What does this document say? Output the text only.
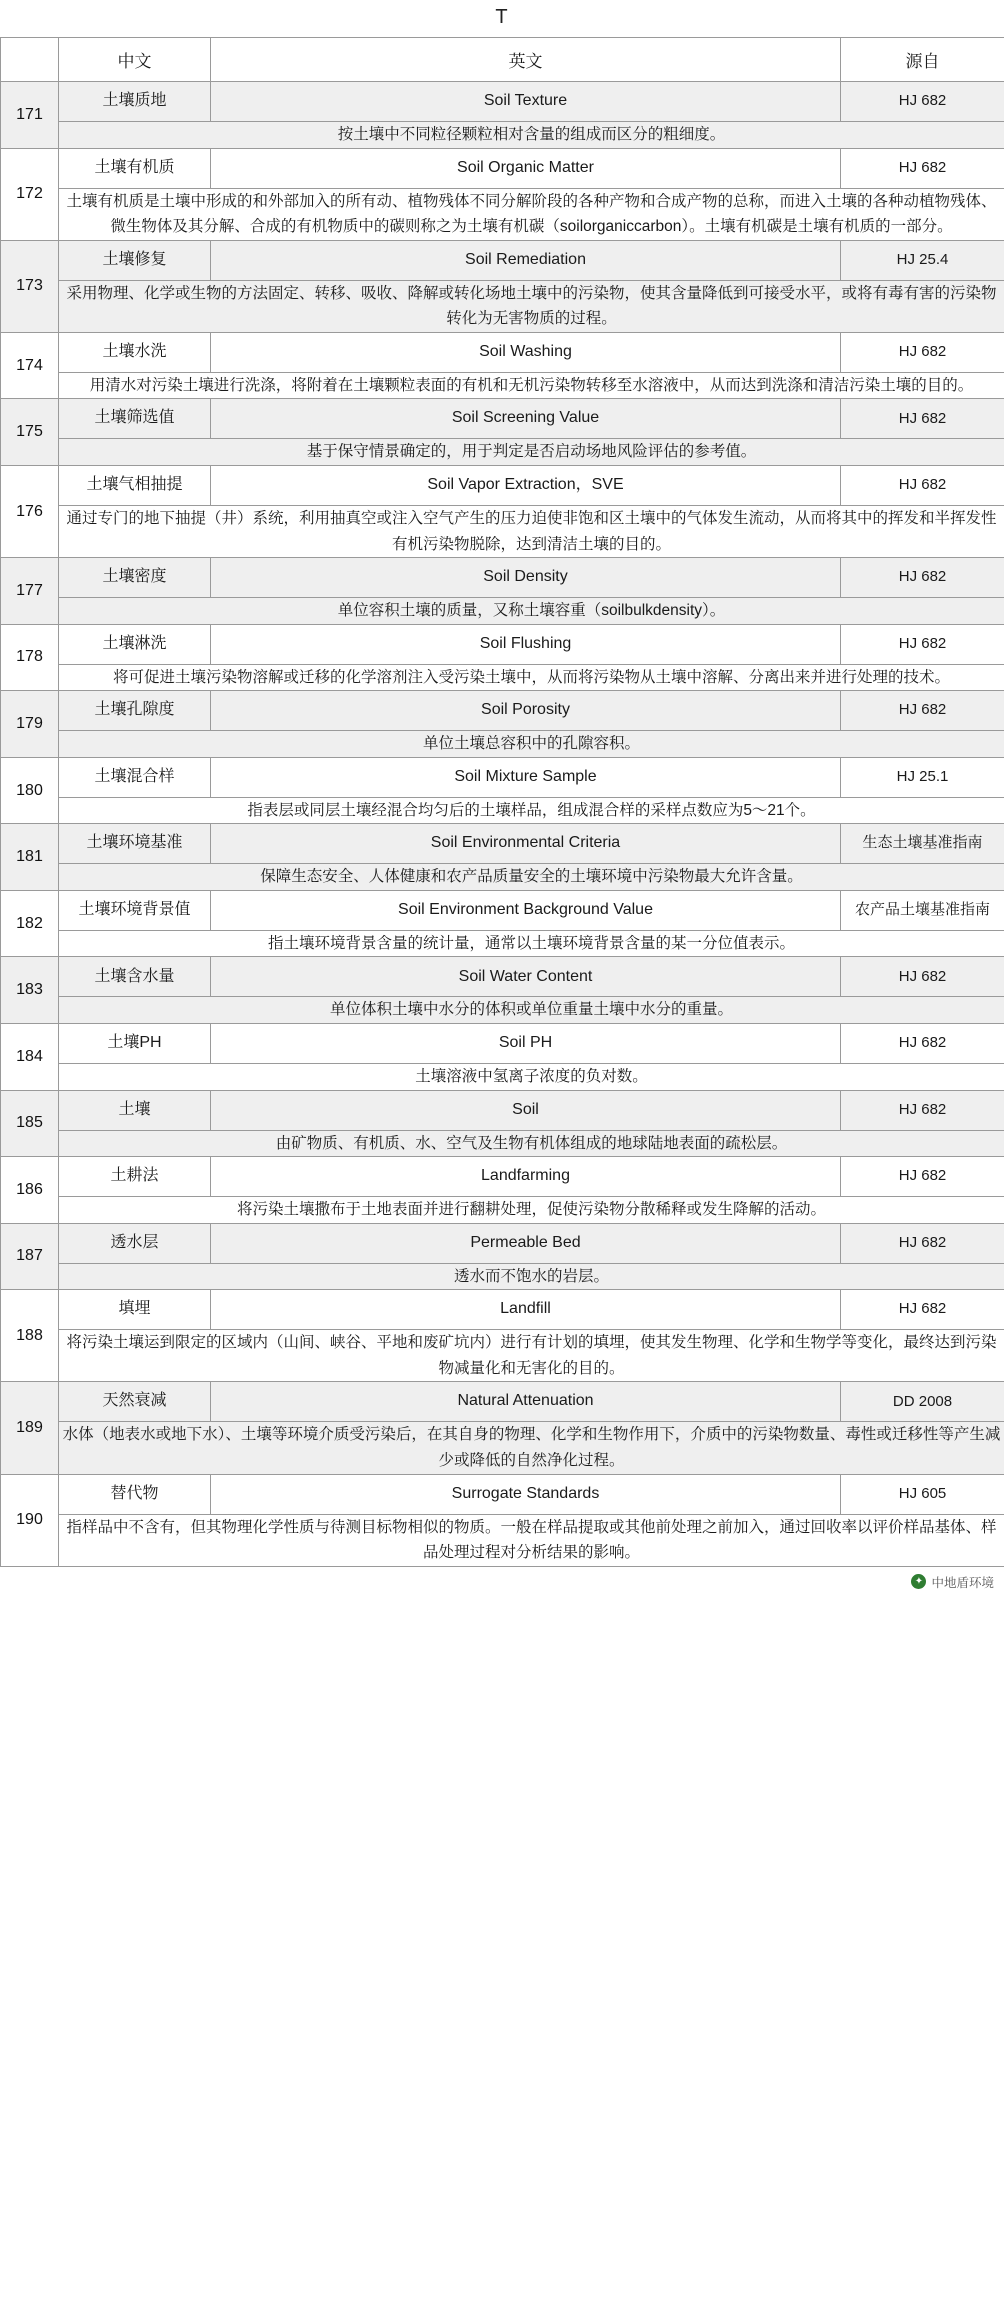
T
	中文	英文	源自
171	土壤质地	Soil Texture	HJ 682
	按土壤中不同粒径颗粒相对含量的组成而区分的粗细度。		
172	土壤有机质	Soil Organic Matter	HJ 682
	土壤有机质是土壤中形成的和外部加入的所有动、植物残体不同分解阶段的各种产物和合成产物的总称，而进入土壤的各种动植物残体、微生物体及其分解、合成的有机物质中的碳则称之为土壤有机碳（soilorganiccarbon）。土壤有机碳是土壤有机质的一部分。		
173	土壤修复	Soil Remediation	HJ 25.4
	采用物理、化学或生物的方法固定、转移、吸收、降解或转化场地土壤中的污染物，使其含量降低到可接受水平，或将有毒有害的污染物转化为无害物质的过程。		
174	土壤水洗	Soil Washing	HJ 682
	用清水对污染土壤进行洗涤，将附着在土壤颗粒表面的有机和无机污染物转移至水溶液中，从而达到洗涤和清洁污染土壤的目的。		
175	土壤筛选值	Soil Screening Value	HJ 682
	基于保守情景确定的，用于判定是否启动场地风险评估的参考值。		
176	土壤气相抽提	Soil Vapor Extraction，SVE	HJ 682
	通过专门的地下抽提（井）系统，利用抽真空或注入空气产生的压力迫使非饱和区土壤中的气体发生流动，从而将其中的挥发和半挥发性有机污染物脱除，达到清洁土壤的目的。		
177	土壤密度	Soil Density	HJ 682
	单位容积土壤的质量，又称土壤容重（soilbulkdensity）。		
178	土壤淋洗	Soil Flushing	HJ 682
	将可促进土壤污染物溶解或迁移的化学溶剂注入受污染土壤中，从而将污染物从土壤中溶解、分离出来并进行处理的技术。		
179	土壤孔隙度	Soil Porosity	HJ 682
	单位土壤总容积中的孔隙容积。		
180	土壤混合样	Soil Mixture Sample	HJ 25.1
	指表层或同层土壤经混合均匀后的土壤样品，组成混合样的采样点数应为5～21个。		
181	土壤环境基准	Soil Environmental Criteria	生态土壤基准指南
	保障生态安全、人体健康和农产品质量安全的土壤环境中污染物最大允许含量。		
182	土壤环境背景值	Soil Environment Background Value	农产品土壤基准指南
	指土壤环境背景含量的统计量，通常以土壤环境背景含量的某一分位值表示。		
183	土壤含水量	Soil Water Content	HJ 682
	单位体积土壤中水分的体积或单位重量土壤中水分的重量。		
184	土壤PH	Soil PH	HJ 682
	土壤溶液中氢离子浓度的负对数。		
185	土壤	Soil	HJ 682
	由矿物质、有机质、水、空气及生物有机体组成的地球陆地表面的疏松层。		
186	土耕法	Landfarming	HJ 682
	将污染土壤撒布于土地表面并进行翻耕处理，促使污染物分散稀释或发生降解的活动。		
187	透水层	Permeable Bed	HJ 682
	透水而不饱水的岩层。		
188	填埋	Landfill	HJ 682
	将污染土壤运到限定的区域内（山间、峡谷、平地和废矿坑内）进行有计划的填埋，使其发生物理、化学和生物学等变化，最终达到污染物减量化和无害化的目的。		
189	天然衰减	Natural Attenuation	DD 2008
	水体（地表水或地下水）、土壤等环境介质受污染后，在其自身的物理、化学和生物作用下，介质中的污染物数量、毒性或迁移性等产生减少或降低的自然净化过程。		
190	替代物	Surrogate Standards	HJ 605
	指样品中不含有，但其物理化学性质与待测目标物相似的物质。一般在样品提取或其他前处理之前加入，通过回收率以评价样品基体、样品处理过程对分析结果的影响。		
✦ 中地盾环境
